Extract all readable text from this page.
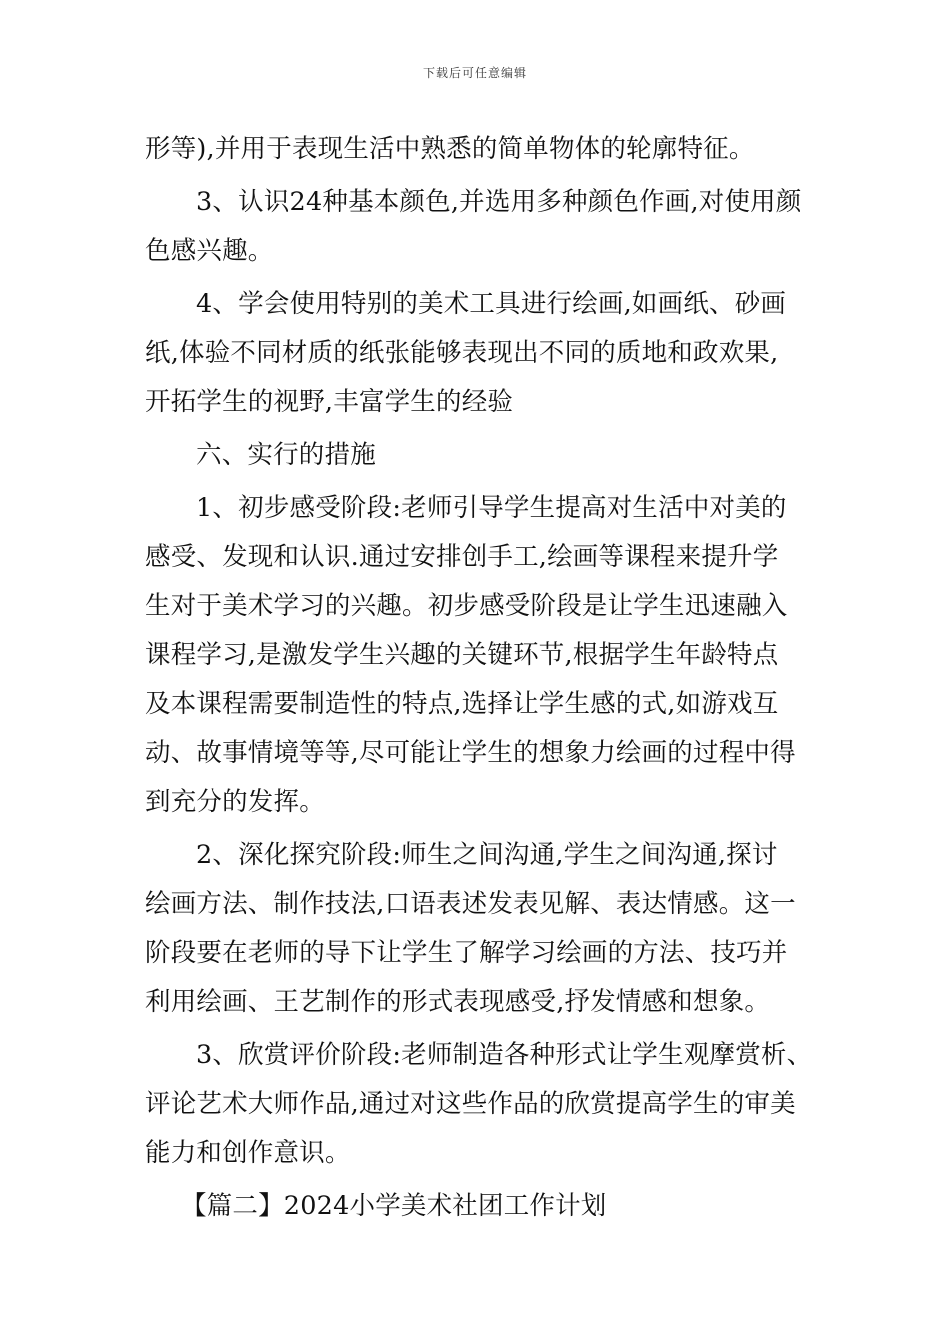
下载后可任意编辑
形等),并用于表现生活中熟悉的简单物体的轮廓特征。
3、认识24种基本颜色,并选用多种颜色作画,对使用颜
色感兴趣。
4、学会使用特别的美术工具进行绘画,如画纸、砂画
纸,体验不同材质的纸张能够表现出不同的质地和政欢果,
开拓学生的视野,丰富学生的经验
六、实行的措施
1、初步感受阶段:老师引导学生提高对生活中对美的
感受、发现和认识.通过安排创手工,绘画等课程来提升学
生对于美术学习的兴趣。初步感受阶段是让学生迅速融入
课程学习,是激发学生兴趣的关键环节,根据学生年龄特点
及本课程需要制造性的特点,选择让学生感的式,如游戏互
动、故事情境等等,尽可能让学生的想象力绘画的过程中得
到充分的发挥。
2、深化探究阶段:师生之间沟通,学生之间沟通,探讨
绘画方法、制作技法,口语表述发表见解、表达情感。这一
阶段要在老师的导下让学生了解学习绘画的方法、技巧并
利用绘画、王艺制作的形式表现感受,抒发情感和想象。
3、欣赏评价阶段:老师制造各种形式让学生观摩赏析、
评论艺术大师作品,通过对这些作品的欣赏提高学生的审美
能力和创作意识。
【篇二】2024小学美术社团工作计划
